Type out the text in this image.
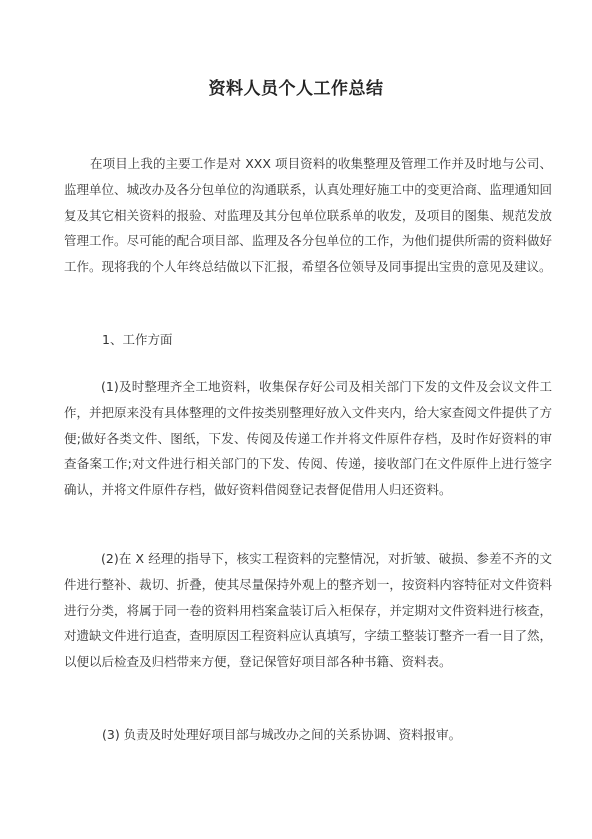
资料人员个人工作总结
在项目上我的主要工作是对 XXX 项目资料的收集整理及管理工作并及时地与公司、监理单位、城改办及各分包单位的沟通联系，认真处理好施工中的变更洽商、监理通知回复及其它相关资料的报验、对监理及其分包单位联系单的收发，及项目的图集、规范发放管理工作。尽可能的配合项目部、监理及各分包单位的工作，为他们提供所需的资料做好工作。现将我的个人年终总结做以下汇报，希望各位领导及同事提出宝贵的意见及建议。
1、工作方面
(1)及时整理齐全工地资料，收集保存好公司及相关部门下发的文件及会议文件工作，并把原来没有具体整理的文件按类别整理好放入文件夹内，给大家查阅文件提供了方便;做好各类文件、图纸，下发、传阅及传递工作并将文件原件存档，及时作好资料的审查备案工作;对文件进行相关部门的下发、传阅、传递，接收部门在文件原件上进行签字确认，并将文件原件存档，做好资料借阅登记表督促借用人归还资料。
(2)在 X 经理的指导下，核实工程资料的完整情况，对折皱、破损、参差不齐的文件进行整补、裁切、折叠，使其尽量保持外观上的整齐划一，按资料内容特征对文件资料进行分类，将属于同一卷的资料用档案盒装订后入柜保存，并定期对文件资料进行核查，对遗缺文件进行追查，查明原因工程资料应认真填写，字绩工整装订整齐一看一目了然，以便以后检查及归档带来方便，登记保管好项目部各种书籍、资料表。
(3) 负责及时处理好项目部与城改办之间的关系协调、资料报审。
